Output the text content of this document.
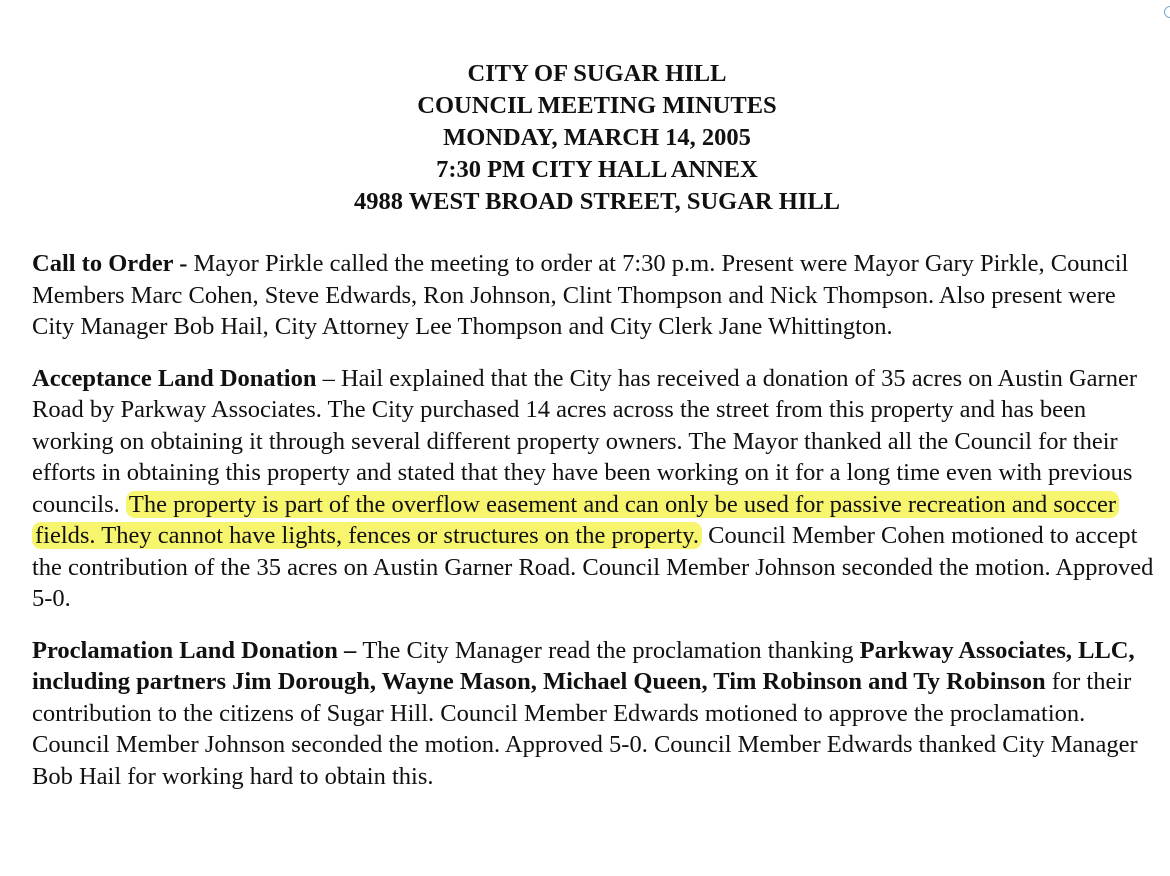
CITY OF SUGAR HILL
COUNCIL MEETING MINUTES
MONDAY, MARCH 14, 2005
7:30 PM CITY HALL ANNEX
4988 WEST BROAD STREET, SUGAR HILL

Call to Order - Mayor Pirkle called the meeting to order at 7:30 p.m. Present were Mayor Gary Pirkle, Council Members Marc Cohen, Steve Edwards, Ron Johnson, Clint Thompson and Nick Thompson. Also present were City Manager Bob Hail, City Attorney Lee Thompson and City Clerk Jane Whittington.

Acceptance Land Donation – Hail explained that the City has received a donation of 35 acres on Austin Garner Road by Parkway Associates. The City purchased 14 acres across the street from this property and has been working on obtaining it through several different property owners. The Mayor thanked all the Council for their efforts in obtaining this property and stated that they have been working on it for a long time even with previous councils. The property is part of the overflow easement and can only be used for passive recreation and soccer fields. They cannot have lights, fences or structures on the property. Council Member Cohen motioned to accept the contribution of the 35 acres on Austin Garner Road. Council Member Johnson seconded the motion. Approved 5-0.

Proclamation Land Donation – The City Manager read the proclamation thanking Parkway Associates, LLC, including partners Jim Dorough, Wayne Mason, Michael Queen, Tim Robinson and Ty Robinson for their contribution to the citizens of Sugar Hill. Council Member Edwards motioned to approve the proclamation. Council Member Johnson seconded the motion. Approved 5-0. Council Member Edwards thanked City Manager Bob Hail for working hard to obtain this.
